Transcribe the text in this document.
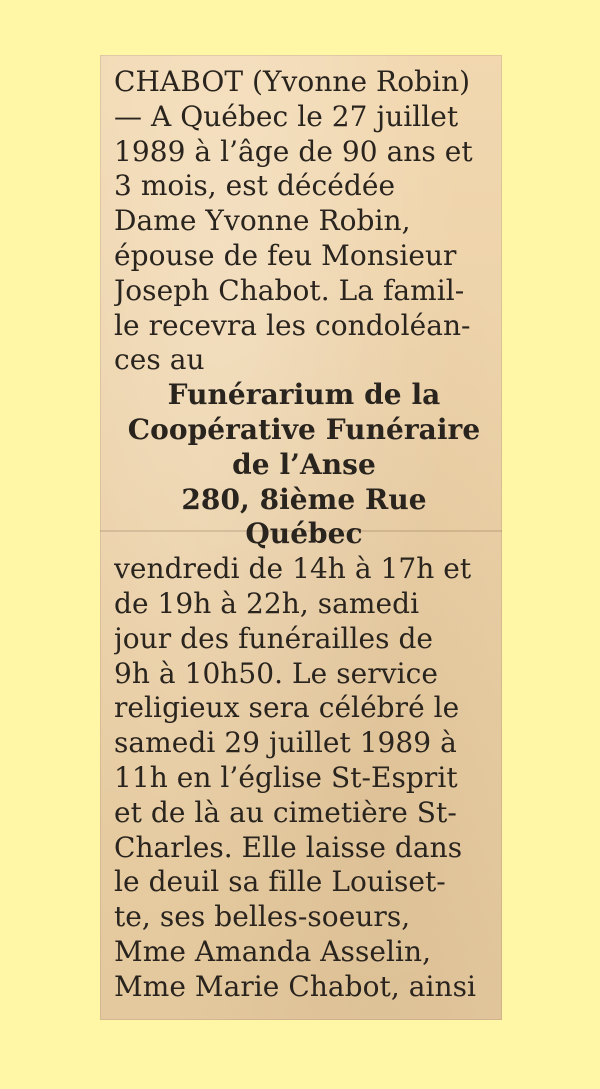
CHABOT (Yvonne Robin)
— A Québec le 27 juillet
1989 à l’âge de 90 ans et
3 mois, est décédée
Dame Yvonne Robin,
épouse de feu Monsieur
Joseph Chabot. La famil-
le recevra les condoléan-
ces au
Funérarium de la
Coopérative Funéraire
de l’Anse
280, 8ième Rue
Québec
vendredi de 14h à 17h et
de 19h à 22h, samedi
jour des funérailles de
9h à 10h50. Le service
religieux sera célébré le
samedi 29 juillet 1989 à
11h en l’église St-Esprit
et de là au cimetière St-
Charles. Elle laisse dans
le deuil sa fille Louiset-
te, ses belles-soeurs,
Mme Amanda Asselin,
Mme Marie Chabot, ainsi
